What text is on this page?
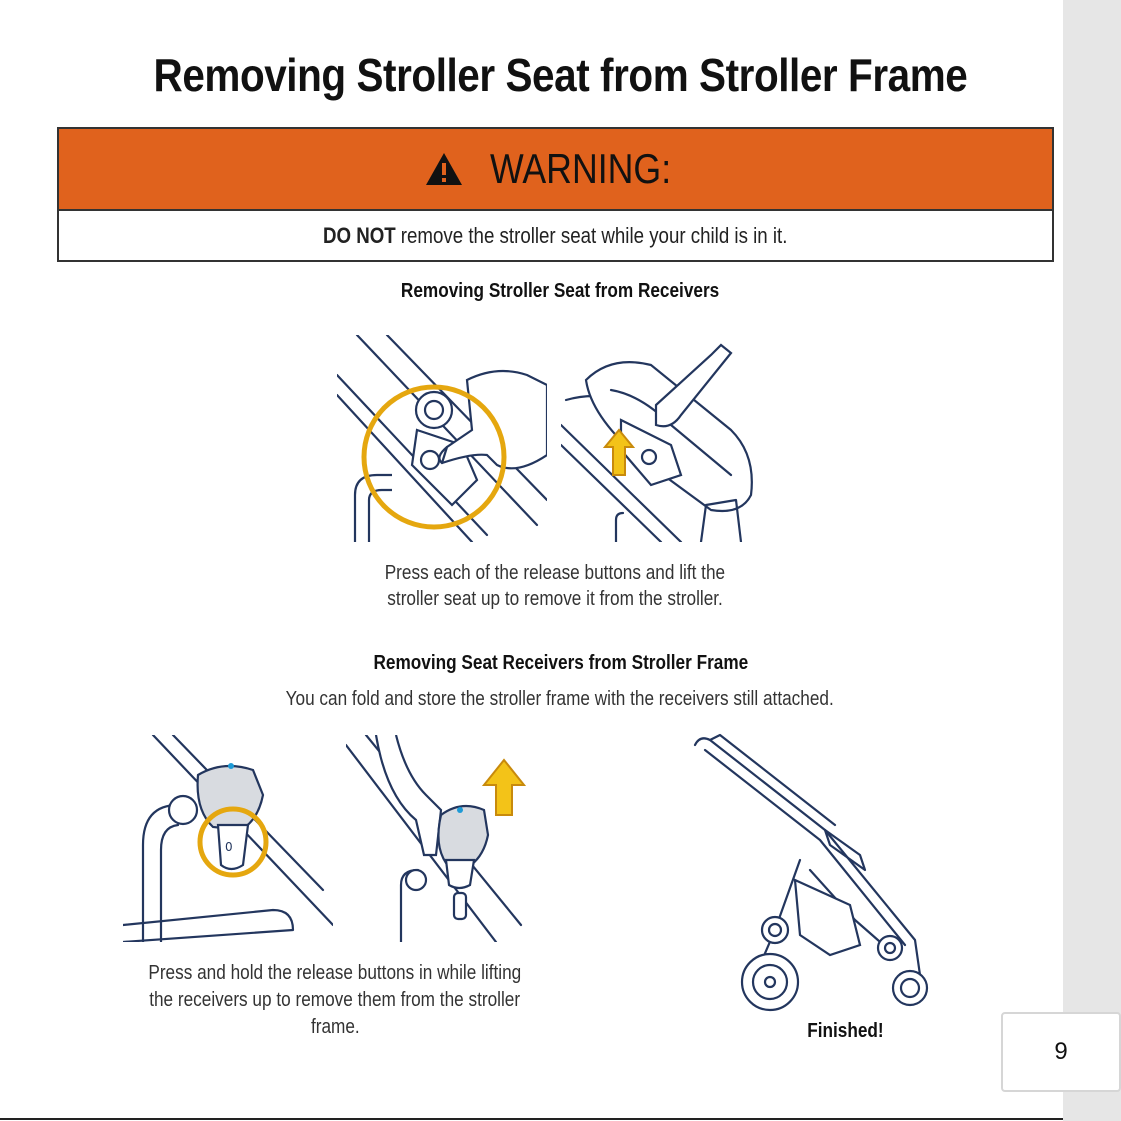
9
Removing Stroller Seat from Stroller Frame
WARNING:
DO NOT remove the stroller seat while your child is in it.
Removing Stroller Seat from Receivers
Press each of the release buttons and lift the
stroller seat up to remove it from the stroller.
Removing Seat Receivers from Stroller Frame
You can fold and store the stroller frame with the receivers still attached.
0
Press and hold the release buttons in while lifting
the receivers up to remove them from the stroller
frame.	Finished!
